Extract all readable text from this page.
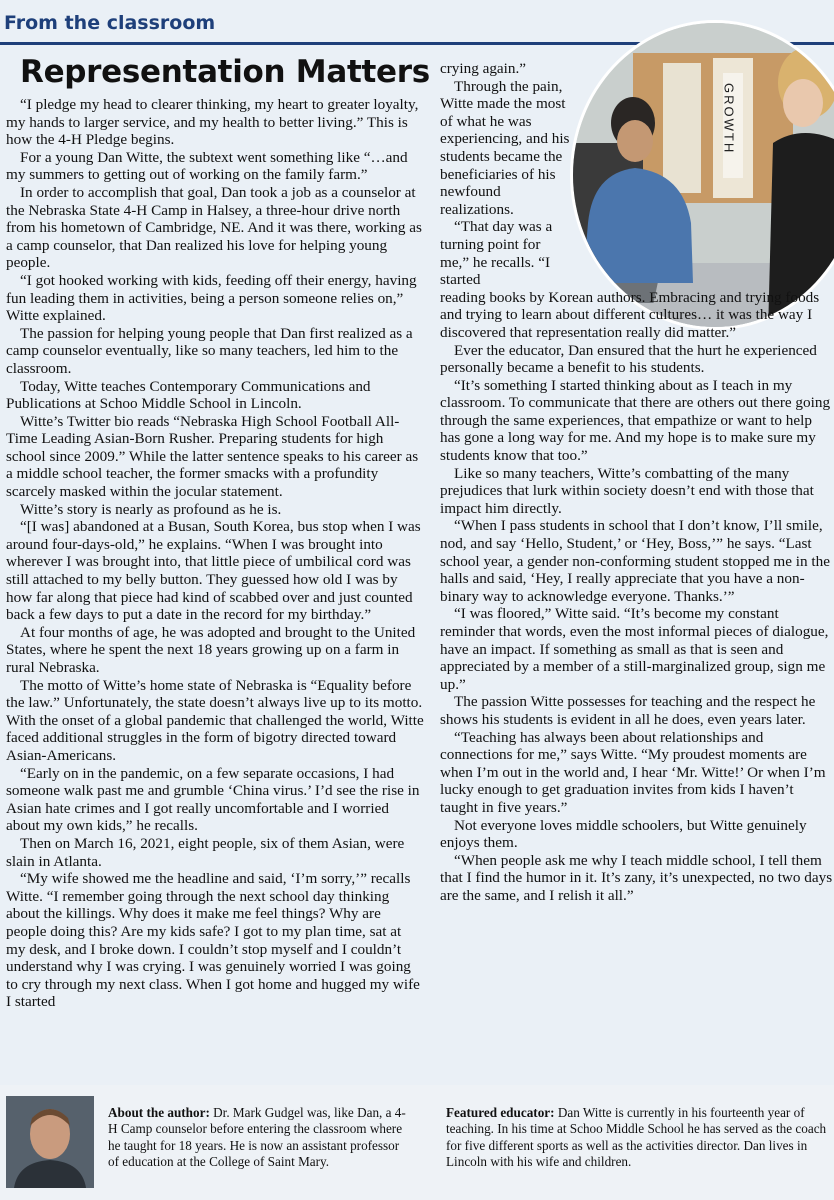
From the classroom
Representation Matters
GROWTH

“I pledge my head to clearer thinking, my heart to greater loyalty, my hands to larger service, and my health to better living.” This is how the 4-H Pledge begins.

For a young Dan Witte, the subtext went something like “…and my summers to getting out of working on the family farm.”

In order to accomplish that goal, Dan took a job as a counselor at the Nebraska State 4-H Camp in Halsey, a three-hour drive north from his hometown of Cambridge, NE. And it was there, working as a camp counselor, that Dan realized his love for helping young people.

“I got hooked working with kids, feeding off their energy, having fun leading them in activities, being a person someone relies on,” Witte explained.

The passion for helping young people that Dan first realized as a camp counselor eventually, like so many teachers, led him to the classroom.

Today, Witte teaches Contemporary Communications and Publications at Schoo Middle School in Lincoln.

Witte’s Twitter bio reads “Nebraska High School Football All-Time Leading Asian-Born Rusher. Preparing students for high school since 2009.” While the latter sentence speaks to his career as a middle school teacher, the former smacks with a profundity scarcely masked within the jocular statement.

Witte’s story is nearly as profound as he is.

“[I was] abandoned at a Busan, South Korea, bus stop when I was around four-days-old,” he explains. “When I was brought into wherever I was brought into, that little piece of umbilical cord was still attached to my belly button. They guessed how old I was by how far along that piece had kind of scabbed over and just counted back a few days to put a date in the record for my birthday.”

At four months of age, he was adopted and brought to the United States, where he spent the next 18 years growing up on a farm in rural Nebraska.

The motto of Witte’s home state of Nebraska is “Equality before the law.” Unfortunately, the state doesn’t always live up to its motto. With the onset of a global pandemic that challenged the world, Witte faced additional struggles in the form of bigotry directed toward Asian-Americans.

“Early on in the pandemic, on a few separate occasions, I had someone walk past me and grumble ‘China virus.’ I’d see the rise in Asian hate crimes and I got really uncomfortable and I worried about my own kids,” he recalls.

Then on March 16, 2021, eight people, six of them Asian, were slain in Atlanta.

“My wife showed me the headline and said, ‘I’m sorry,’” recalls Witte. “I remember going through the next school day thinking about the killings. Why does it make me feel things? Why are people doing this? Are my kids safe? I got to my plan time, sat at my desk, and I broke down. I couldn’t stop myself and I couldn’t understand why I was crying. I was genuinely worried I was going to cry through my next class. When I got home and hugged my wife I started

crying again.”

Through the pain, Witte made the most of what he was experiencing, and his students became the beneficiaries of his newfound realizations.

“That day was a turning point for me,” he recalls. “I started

reading books by Korean authors. Embracing and trying foods and trying to learn about different cultures… it was the way I discovered that representation really did matter.”

Ever the educator, Dan ensured that the hurt he experienced personally became a benefit to his students.

“It’s something I started thinking about as I teach in my classroom. To communicate that there are others out there going through the same experiences, that empathize or want to help has gone a long way for me. And my hope is to make sure my students know that too.”

Like so many teachers, Witte’s combatting of the many prejudices that lurk within society doesn’t end with those that impact him directly.

“When I pass students in school that I don’t know, I’ll smile, nod, and say ‘Hello, Student,’ or ‘Hey, Boss,’” he says. “Last school year, a gender non-conforming student stopped me in the halls and said, ‘Hey, I really appreciate that you have a non-binary way to acknowledge everyone. Thanks.’”

“I was floored,” Witte said. “It’s become my constant reminder that words, even the most informal pieces of dialogue, have an impact. If something as small as that is seen and appreciated by a member of a still-marginalized group, sign me up.”

The passion Witte possesses for teaching and the respect he shows his students is evident in all he does, even years later.

“Teaching has always been about relationships and connections for me,” says Witte. “My proudest moments are when I’m out in the world and, I hear ‘Mr. Witte!’ Or when I’m lucky enough to get graduation invites from kids I haven’t taught in five years.”

Not everyone loves middle schoolers, but Witte genuinely enjoys them.

“When people ask me why I teach middle school, I tell them that I find the humor in it. It’s zany, it’s unexpected, no two days are the same, and I relish it all.”

About the author: Dr. Mark Gudgel was, like Dan, a 4-H Camp counselor before entering the classroom where he taught for 18 years. He is now an assistant professor of education at the College of Saint Mary.
Featured educator: Dan Witte is currently in his fourteenth year of teaching. In his time at Schoo Middle School he has served as the coach for five different sports as well as the activities director. Dan lives in Lincoln with his wife and children.
